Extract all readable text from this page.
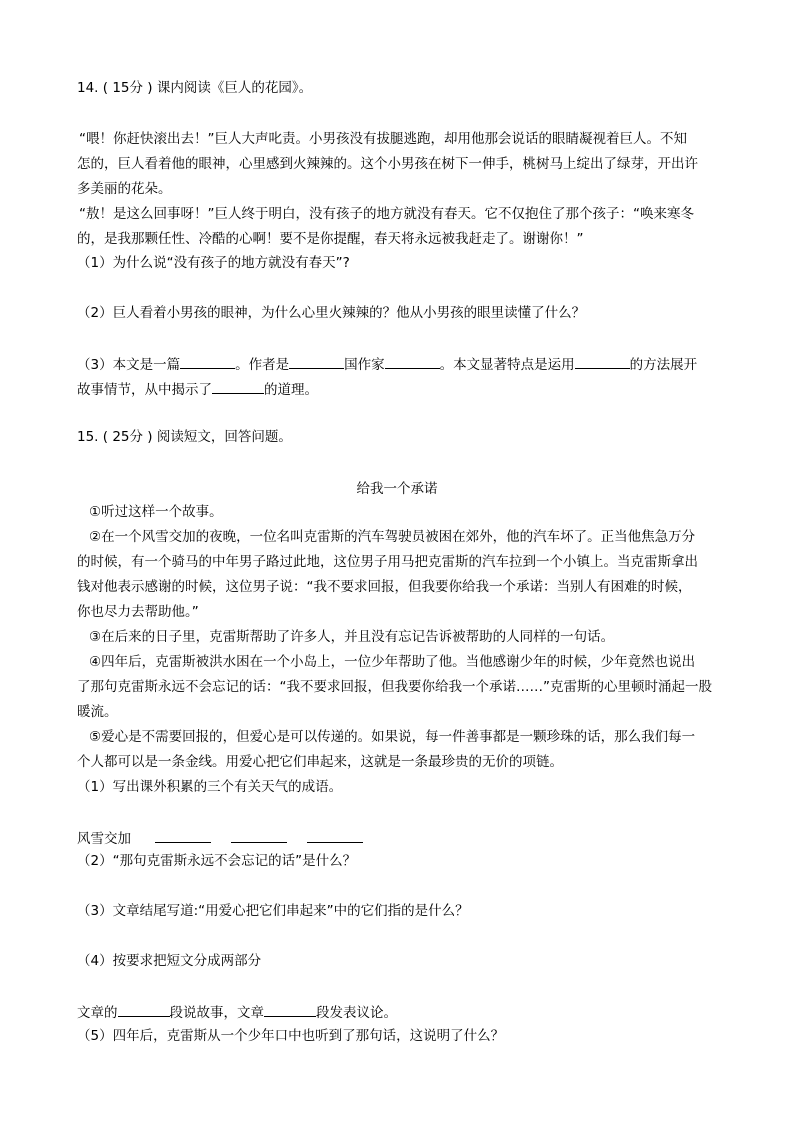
14. ( 15分 ) 课内阅读《巨人的花园》。
“喂！你赶快滚出去！”巨人大声叱责。小男孩没有拔腿逃跑，却用他那会说话的眼睛凝视着巨人。不知
怎的，巨人看着他的眼神，心里感到火辣辣的。这个小男孩在树下一伸手，桃树马上绽出了绿芽，开出许
多美丽的花朵。
“敖！是这么回事呀！”巨人终于明白，没有孩子的地方就没有春天。它不仅抱住了那个孩子：“唤来寒冬
的，是我那颗任性、冷酷的心啊！要不是你提醒，春天将永远被我赶走了。谢谢你！”
（1）为什么说“没有孩子的地方就没有春天”?
（2）巨人看着小男孩的眼神，为什么心里火辣辣的？他从小男孩的眼里读懂了什么？
（3）本文是一篇	。作者是	国作家	。本文显著特点是运用	的方法展开
故事情节，从中揭示了	的道理。
15. ( 25分 ) 阅读短文，回答问题。
给我一个承诺
①听过这样一个故事。
②在一个风雪交加的夜晚，一位名叫克雷斯的汽车驾驶员被困在郊外，他的汽车坏了。正当他焦急万分
的时候，有一个骑马的中年男子路过此地，这位男子用马把克雷斯的汽车拉到一个小镇上。当克雷斯拿出
钱对他表示感谢的时候，这位男子说：“我不要求回报，但我要你给我一个承诺：当别人有困难的时候，
你也尽力去帮助他。”
③在后来的日子里，克雷斯帮助了许多人，并且没有忘记告诉被帮助的人同样的一句话。
④四年后，克雷斯被洪水困在一个小岛上，一位少年帮助了他。当他感谢少年的时候，少年竟然也说出
了那句克雷斯永远不会忘记的话：“我不要求回报，但我要你给我一个承诺……”克雷斯的心里顿时涌起一股
暖流。
⑤爱心是不需要回报的，但爱心是可以传递的。如果说，每一件善事都是一颗珍珠的话，那么我们每一
个人都可以是一条金线。用爱心把它们串起来，这就是一条最珍贵的无价的项链。
（1）写出课外积累的三个有关天气的成语。
风雪交加
（2）“那句克雷斯永远不会忘记的话”是什么？
（3）文章结尾写道:“用爱心把它们串起来”中的它们指的是什么？
（4）按要求把短文分成两部分
文章的	段说故事，文章	段发表议论。
（5）四年后，克雷斯从一个少年口中也听到了那句话，这说明了什么？
